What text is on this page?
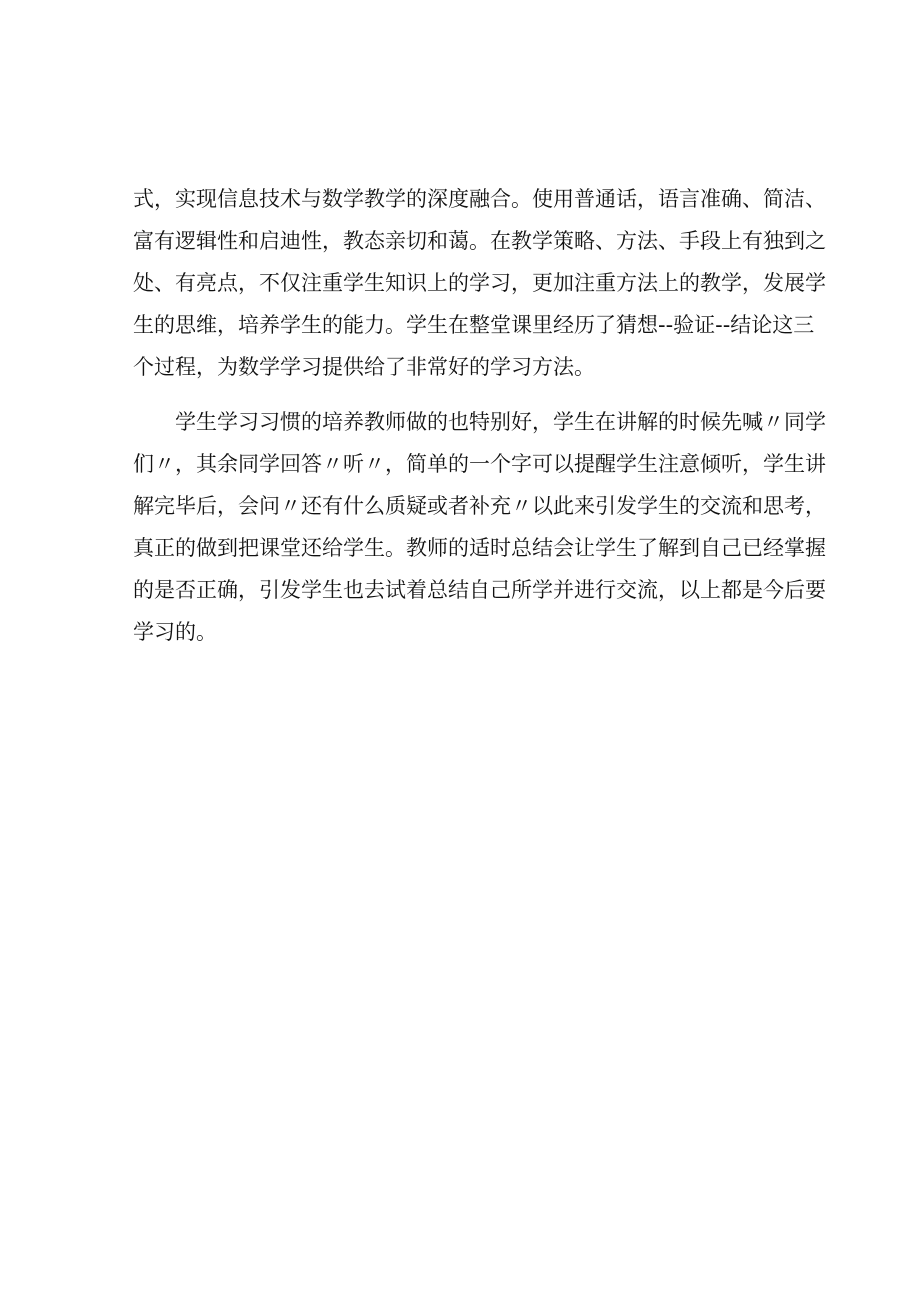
式，实现信息技术与数学教学的深度融合。使用普通话，语言准确、简洁、
富有逻辑性和启迪性，教态亲切和蔼。在教学策略、方法、手段上有独到之
处、有亮点，不仅注重学生知识上的学习，更加注重方法上的教学，发展学
生的思维，培养学生的能力。学生在整堂课里经历了猜想--验证--结论这三
个过程，为数学学习提供给了非常好的学习方法。
学生学习习惯的培养教师做的也特别好，学生在讲解的时候先喊〃同学
们〃，其余同学回答〃听〃，简单的一个字可以提醒学生注意倾听，学生讲
解完毕后，会问〃还有什么质疑或者补充〃以此来引发学生的交流和思考，
真正的做到把课堂还给学生。教师的适时总结会让学生了解到自己已经掌握
的是否正确，引发学生也去试着总结自己所学并进行交流，以上都是今后要
学习的。
